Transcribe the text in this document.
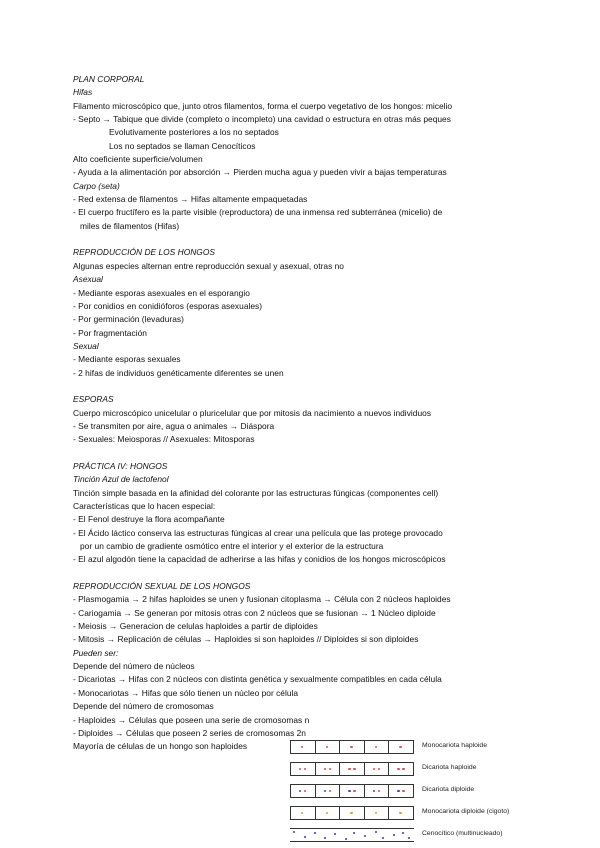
PLAN CORPORAL
Hifas
Filamento microscópico que, junto otros filamentos, forma el cuerpo vegetativo de los hongos: micelio
- Septo → Tabique que divide (completo o incompleto) una cavidad o estructura en otras más peques
Evolutivamente posteriores a los no septados
Los no septados se llaman Cenocíticos
Alto coeficiente superficie/volumen
- Ayuda a la alimentación por absorción → Pierden mucha agua y pueden vivir a bajas temperaturas
Carpo (seta)
- Red extensa de filamentos → Hifas altamente empaquetadas
- El cuerpo fructífero es la parte visible (reproductora) de una inmensa red subterránea (micelio) de
miles de filamentos (Hifas)
REPRODUCCIÓN DE LOS HONGOS
Algunas especies alternan entre reproducción sexual y asexual, otras no
Asexual
- Mediante esporas asexuales en el esporangio
- Por conidios en conidióforos (esporas asexuales)
- Por germinación (levaduras)
- Por fragmentación
Sexual
- Mediante esporas sexuales
- 2 hifas de individuos genéticamente diferentes se unen
ESPORAS
Cuerpo microscópico unicelular o pluricelular que por mitosis da nacimiento a nuevos individuos
- Se transmiten por aire, agua o animales → Diáspora
- Sexuales: Meiosporas // Asexuales: Mitosporas
PRÁCTICA IV: HONGOS
Tinción Azul de lactofenol
Tinción simple basada en la afinidad del colorante por las estructuras fúngicas (componentes cell)
Características que lo hacen especial:
- El Fenol destruye la flora acompañante
- El Ácido láctico conserva las estructuras fúngicas al crear una película que las protege provocado
por un cambio de gradiente osmótico entre el interior y el exterior de la estructura
- El azul algodón tiene la capacidad de adherirse a las hifas y conidios de los hongos microscópicos
REPRODUCCIÓN SEXUAL DE LOS HONGOS
- Plasmogamia → 2 hifas haploides se unen y fusionan citoplasma → Célula con 2 núcleos haploides
- Cariogamia → Se generan por mitosis otras con 2 núcleos que se fusionan → 1 Núcleo diploide
- Meiosis → Generacion de celulas haploides a partir de diploides
- Mitosis → Replicación de células → Haploides si son haploides // Diploides si son diploides
Pueden ser:
Depende del número de núcleos
- Dicariotas → Hifas con 2 núcleos con distinta genética y sexualmente compatibles en cada célula
- Monocariotas → Hifas que sólo tienen un núcleo por célula
Depende del número de cromosomas
- Haploides → Células que poseen una serie de cromosomas n
- Diploides → Células que poseen 2 series de cromosomas 2n
Mayoría de células de un hongo son haploides	Monocariota haploide
Dicariota haploide
Dicariota diploide
Monocariota diploide (cigoto)
Cenocítico (multinucleado)
